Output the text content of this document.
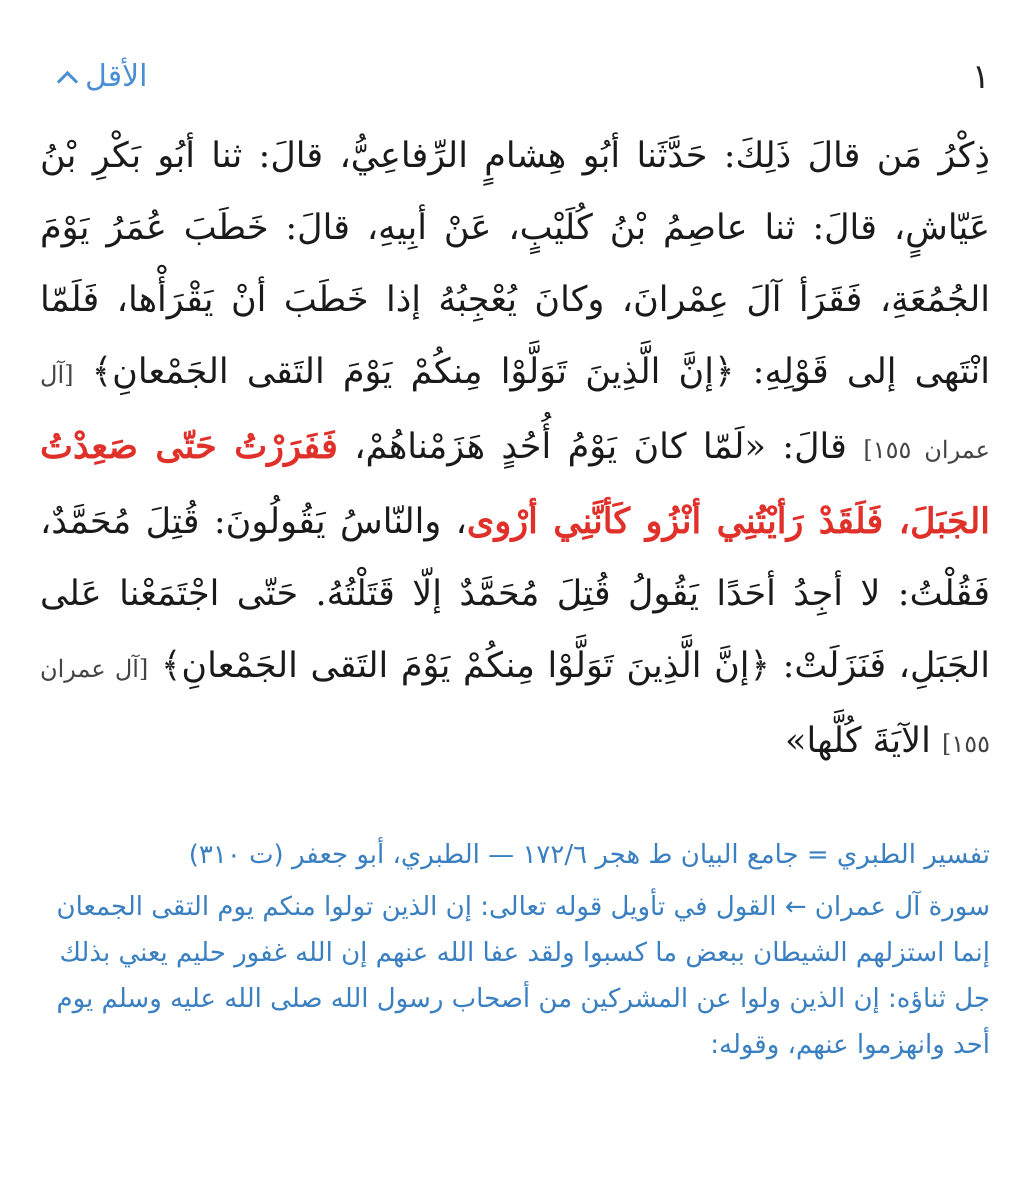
١
الأقل
ذِكْرُ مَن قالَ ذَلِكَ: حَدَّثَنا أبُو هِشامٍ الرِّفاعِيُّ، قالَ: ثنا أبُو بَكْرِ بْنُ عَيّاشٍ، قالَ: ثنا عاصِمُ بْنُ كُلَيْبٍ، عَنْ أبِيهِ، قالَ: خَطَبَ عُمَرُ يَوْمَ الجُمُعَةِ، فَقَرَأ آلَ عِمْرانَ، وكانَ يُعْجِبُهُ إذا خَطَبَ أنْ يَقْرَأْها، فَلَمّا انْتَهى إلى قَوْلِهِ: ﴿إنَّ الَّذِينَ تَوَلَّوْا مِنكُمْ يَوْمَ التَقى الجَمْعانِ﴾ [آل عمران ١٥٥] قالَ: «لَمّا كانَ يَوْمُ أُحُدٍ هَزَمْناهُمْ، فَفَرَرْتُ حَتّى صَعِدْتُ الجَبَلَ، فَلَقَدْ رَأيْتُنِي أنْزُو كَأنَّنِي أرْوى، والنّاسُ يَقُولُونَ: قُتِلَ مُحَمَّدٌ، فَقُلْتُ: لا أجِدُ أحَدًا يَقُولُ قُتِلَ مُحَمَّدٌ إلّا قَتَلْتُهُ. حَتّى اجْتَمَعْنا عَلى الجَبَلِ، فَنَزَلَتْ: ﴿إنَّ الَّذِينَ تَوَلَّوْا مِنكُمْ يَوْمَ التَقى الجَمْعانِ﴾ [آل عمران ١٥٥] الآيَةَ كُلَّها»

تفسير الطبري = جامع البيان ط هجر ١٧٢/٦ — الطبري، أبو جعفر (ت ٣١٠)

سورة آل عمران ← القول في تأويل قوله تعالى: إن الذين تولوا منكم يوم التقى الجمعان إنما استزلهم الشيطان ببعض ما كسبوا ولقد عفا الله عنهم إن الله غفور حليم يعني بذلك جل ثناؤه: إن الذين ولوا عن المشركين من أصحاب رسول الله صلى الله عليه وسلم يوم أحد وانهزموا عنهم، وقوله:
